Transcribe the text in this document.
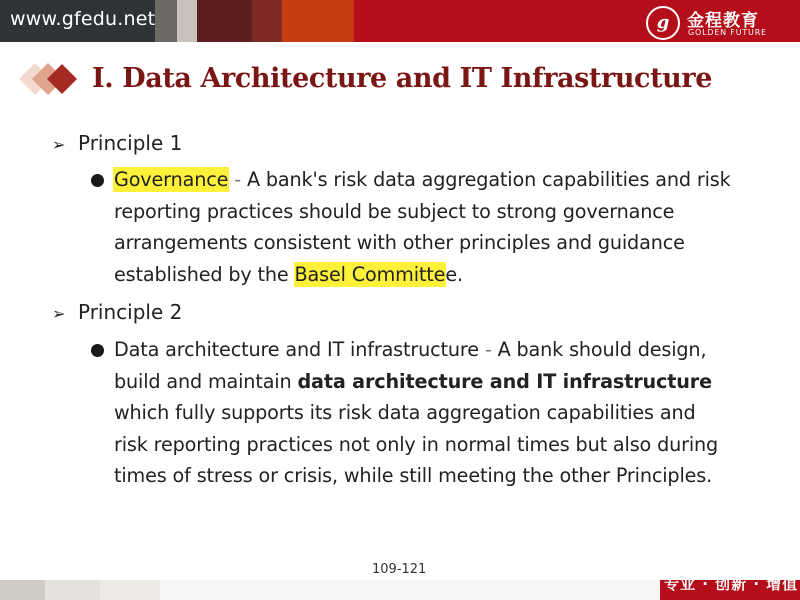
www.gfedu.net	g	金程教育
GOLDEN FUTURE
I. Data Architecture and IT Infrastructure
➢ Principle 1
Governance - A bank's risk data aggregation capabilities and risk
reporting practices should be subject to strong governance
arrangements consistent with other principles and guidance
established by the Basel Committee.
➢ Principle 2
Data architecture and IT infrastructure - A bank should design,
build and maintain data architecture and IT infrastructure
which fully supports its risk data aggregation capabilities and
risk reporting practices not only in normal times but also during
times of stress or crisis, while still meeting the other Principles.
109-121
专业 · 创新 · 增值
